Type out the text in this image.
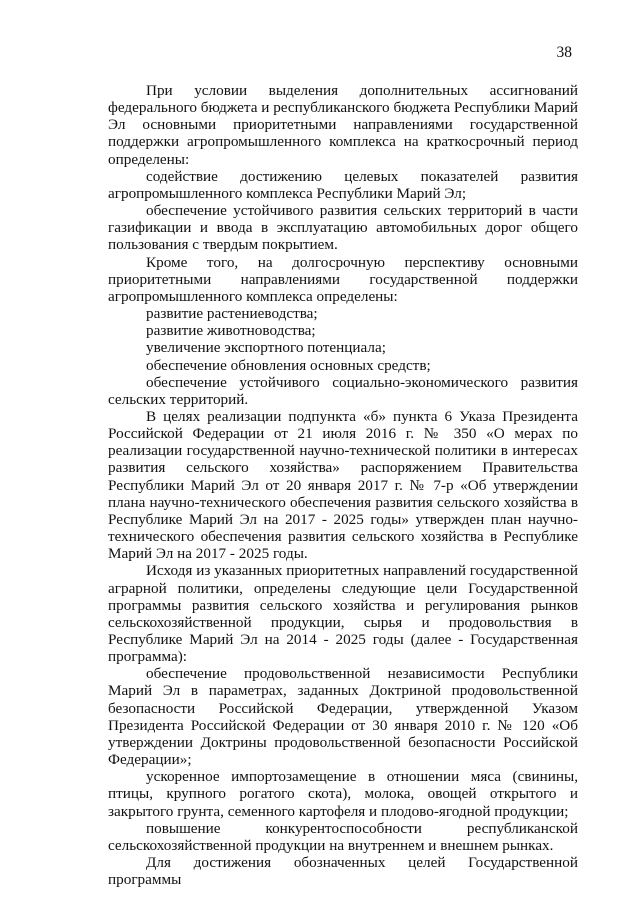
38

При условии выделения дополнительных ассигнований федерального бюджета и республиканского бюджета Республики Марий Эл основными приоритетными направлениями государственной поддержки агропромышленного комплекса на краткосрочный период определены:

содействие достижению целевых показателей развития агропромышленного комплекса Республики Марий Эл;

обеспечение устойчивого развития сельских территорий в части газификации и ввода в эксплуатацию автомобильных дорог общего пользования с твердым покрытием.

Кроме того, на долгосрочную перспективу основными приоритетными направлениями государственной поддержки агропромышленного комплекса определены:

развитие растениеводства;

развитие животноводства;

увеличение экспортного потенциала;

обеспечение обновления основных средств;

обеспечение устойчивого социально-экономического развития сельских территорий.

В целях реализации подпункта «б» пункта 6 Указа Президента Российской Федерации от 21 июля 2016 г. № 350 «О мерах по реализации государственной научно-технической политики в интересах развития сельского хозяйства» распоряжением Правительства Республики Марий Эл от 20 января 2017 г. № 7-р «Об утверждении плана научно-технического обеспечения развития сельского хозяйства в Республике Марий Эл на 2017 - 2025 годы» утвержден план научно-технического обеспечения развития сельского хозяйства в Республике Марий Эл на 2017 - 2025 годы.

Исходя из указанных приоритетных направлений государственной аграрной политики, определены следующие цели Государственной программы развития сельского хозяйства и регулирования рынков сельскохозяйственной продукции, сырья и продовольствия в Республике Марий Эл на 2014 - 2025 годы (далее - Государственная программа):

обеспечение продовольственной независимости Республики Марий Эл в параметрах, заданных Доктриной продовольственной безопасности Российской Федерации, утвержденной Указом Президента Российской Федерации от 30 января 2010 г. № 120 «Об утверждении Доктрины продовольственной безопасности Российской Федерации»;

ускоренное импортозамещение в отношении мяса (свинины, птицы, крупного рогатого скота), молока, овощей открытого и закрытого грунта, семенного картофеля и плодово-ягодной продукции;

повышение конкурентоспособности республиканской сельскохозяйственной продукции на внутреннем и внешнем рынках.

Для достижения обозначенных целей Государственной программы
